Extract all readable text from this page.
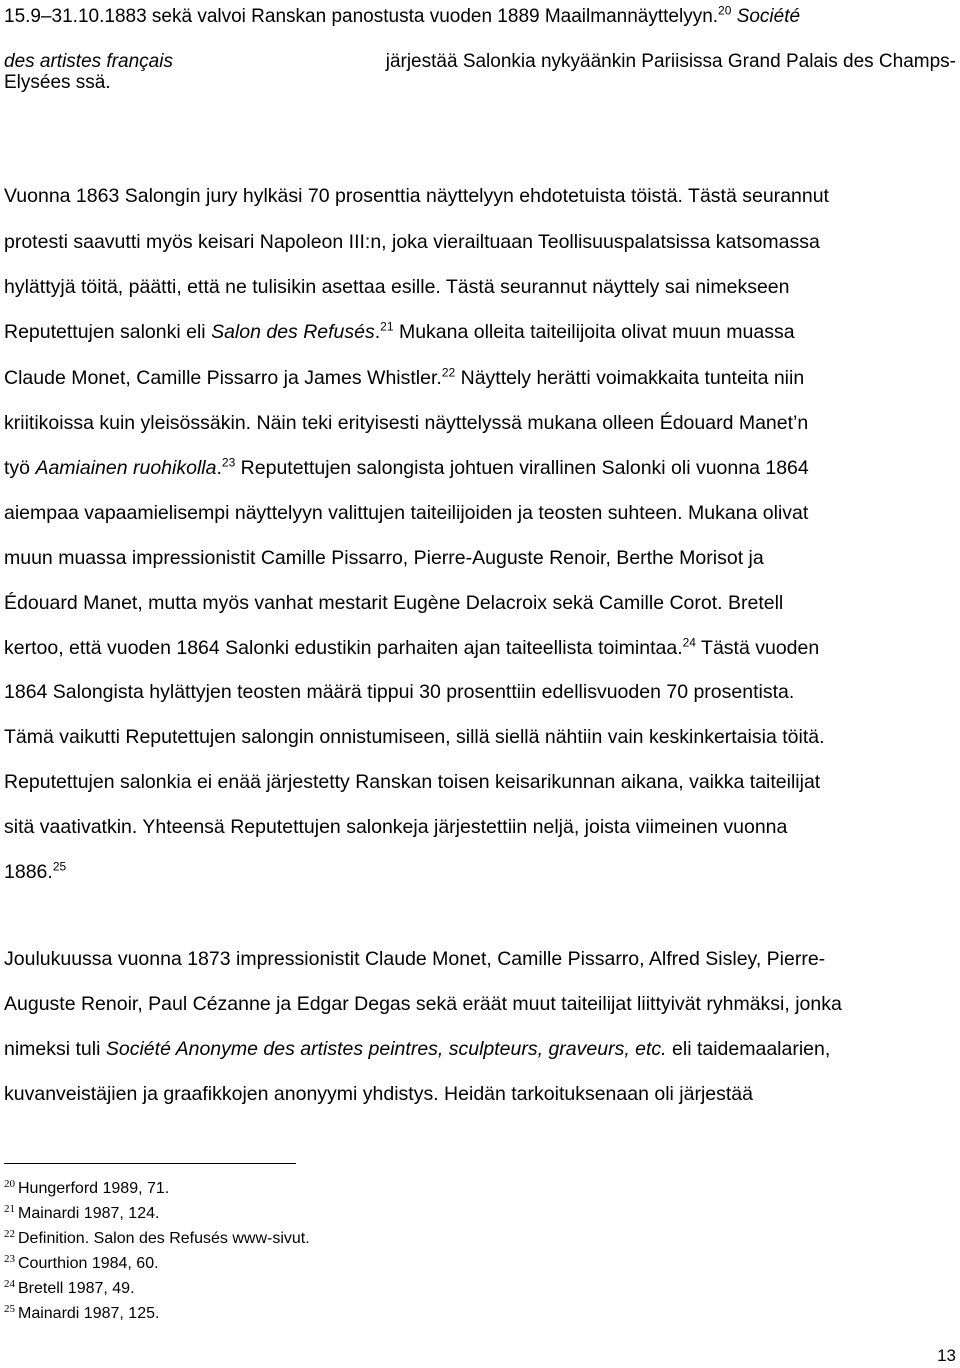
15.9–31.10.1883 sekä valvoi Ranskan panostusta vuoden 1889 Maailmannäyttelyyn.$^{20}$ Société
des artistes français	järjestää Salonkia nykyäänkin Pariisissa Grand Palais des Champs-
Elysées ssä.
Vuonna 1863 Salongin jury hylkäsi 70 prosenttia näyttelyyn ehdotetuista töistä. Tästä seurannut
protesti saavutti myös keisari Napoleon III:n, joka vierailtuaan Teollisuuspalatsissa katsomassa
hylättyjä töitä, päätti, että ne tulisikin asettaa esille. Tästä seurannut näyttely sai nimekseen
Reputettujen salonki eli Salon des Refusés.$^{21}$ Mukana olleita taiteilijoita olivat muun muassa
Claude Monet, Camille Pissarro ja James Whistler.$^{22}$ Näyttely herätti voimakkaita tunteita niin
kriitikoissa kuin yleisössäkin. Näin teki erityisesti näyttelyssä mukana olleen Édouard Manet’n
työ Aamiainen ruohikolla.$^{23}$ Reputettujen salongista johtuen virallinen Salonki oli vuonna 1864
aiempaa vapaamielisempi näyttelyyn valittujen taiteilijoiden ja teosten suhteen. Mukana olivat
muun muassa impressionistit Camille Pissarro, Pierre-Auguste Renoir, Berthe Morisot ja
Édouard Manet, mutta myös vanhat mestarit Eugène Delacroix sekä Camille Corot. Bretell
kertoo, että vuoden 1864 Salonki edustikin parhaiten ajan taiteellista toimintaa.$^{24}$ Tästä vuoden
1864 Salongista hylättyjen teosten määrä tippui 30 prosenttiin edellisvuoden 70 prosentista.
Tämä vaikutti Reputettujen salongin onnistumiseen, sillä siellä nähtiin vain keskinkertaisia töitä.
Reputettujen salonkia ei enää järjestetty Ranskan toisen keisarikunnan aikana, vaikka taiteilijat
sitä vaativatkin. Yhteensä Reputettujen salonkeja järjestettiin neljä, joista viimeinen vuonna
1886.25
Joulukuussa vuonna 1873 impressionistit Claude Monet, Camille Pissarro, Alfred Sisley, Pierre-
Auguste Renoir, Paul Cézanne ja Edgar Degas sekä eräät muut taiteilijat liittyivät ryhmäksi, jonka
nimeksi tuli Société Anonyme des artistes peintres, sculpteurs, graveurs, etc. eli taidemaalarien,
kuvanveistäjien ja graafikkojen anonyymi yhdistys. Heidän tarkoituksenaan oli järjestää
$^{20}$ Hungerford 1989, 71.
$^{21}$ Mainardi 1987, 124.
$^{22}$ Definition. Salon des Refusés www-sivut.
$^{23}$ Courthion 1984, 60.
$^{24}$ Bretell 1987, 49.
$^{25}$ Mainardi 1987, 125.
13
